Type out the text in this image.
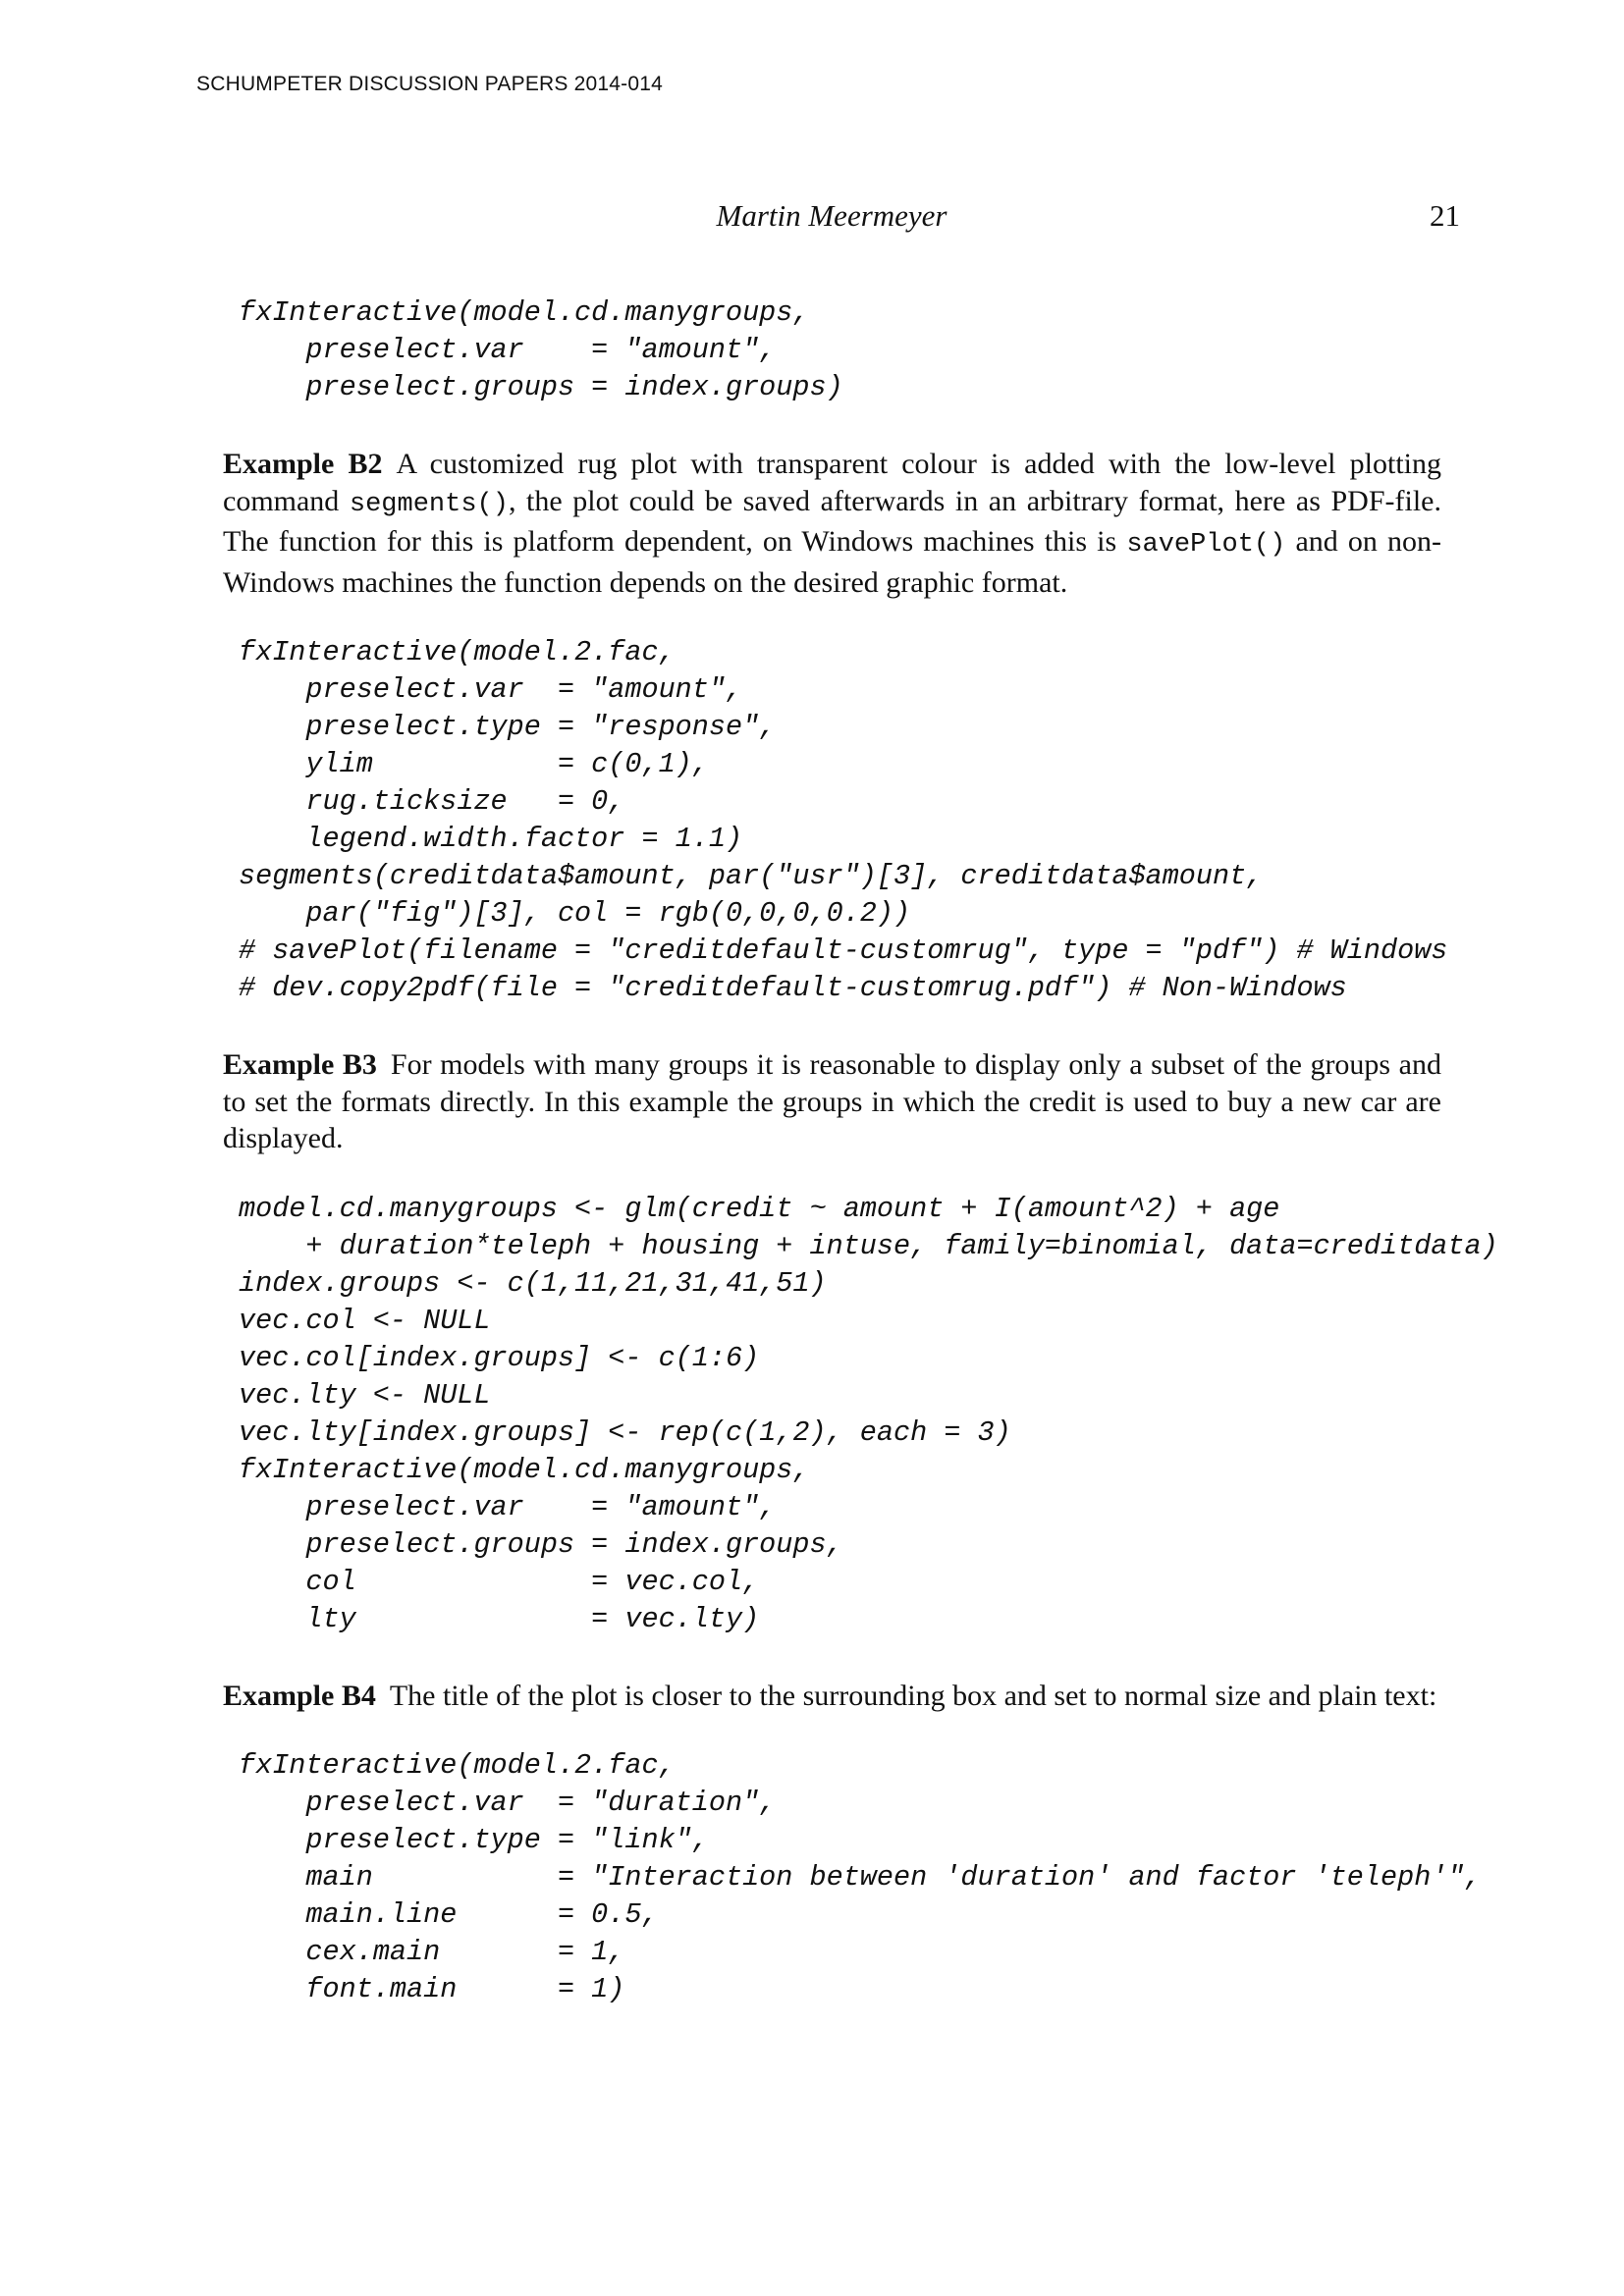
SCHUMPETER DISCUSSION PAPERS 2014-014
Martin Meermeyer	21
fxInteractive(model.cd.manygroups,
preselect.var    = "amount",
preselect.groups = index.groups)

Example B2 A customized rug plot with transparent colour is added with the low-level plotting command segments(), the plot could be saved afterwards in an arbitrary format, here as PDF-file. The function for this is platform dependent, on Windows machines this is savePlot() and on non-Windows machines the function depends on the desired graphic format.

fxInteractive(model.2.fac,
preselect.var  = "amount",
preselect.type = "response",
ylim           = c(0,1),
rug.ticksize   = 0,
legend.width.factor = 1.1)
segments(creditdata$amount, par("usr")[3], creditdata$amount,
par("fig")[3], col = rgb(0,0,0,0.2))
# savePlot(filename = "creditdefault-customrug", type = "pdf") # Windows
# dev.copy2pdf(file = "creditdefault-customrug.pdf") # Non-Windows

Example B3 For models with many groups it is reasonable to display only a subset of the groups and to set the formats directly. In this example the groups in which the credit is used to buy a new car are displayed.

model.cd.manygroups <- glm(credit ~ amount + I(amount^2) + age
+ duration*teleph + housing + intuse, family=binomial, data=creditdata)
index.groups <- c(1,11,21,31,41,51)
vec.col <- NULL
vec.col[index.groups] <- c(1:6)
vec.lty <- NULL
vec.lty[index.groups] <- rep(c(1,2), each = 3)
fxInteractive(model.cd.manygroups,
preselect.var    = "amount",
preselect.groups = index.groups,
col              = vec.col,
lty              = vec.lty)

Example B4 The title of the plot is closer to the surrounding box and set to normal size and plain text:

fxInteractive(model.2.fac,
preselect.var  = "duration",
preselect.type = "link",
main           = "Interaction between 'duration' and factor 'teleph'",
main.line      = 0.5,
cex.main       = 1,
font.main      = 1)
